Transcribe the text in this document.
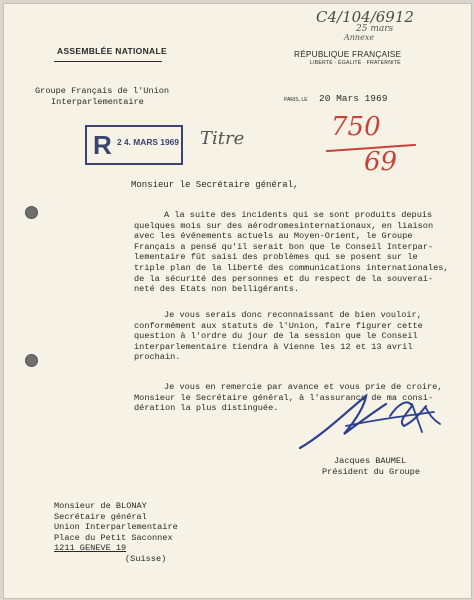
C4/104/6912
25 mars
Annexe
ASSEMBLÉE NATIONALE	RÉPUBLIQUE FRANÇAISE
LIBERTÉ · ÉGALITÉ · FRATERNITÉ
Groupe Français de l'Union
Interparlementaire	PARIS, LE 20 Mars 1969
R 2 4. MARS 1969 Titre	750
69
Monsieur le Secrétaire général,
A la suite des incidents qui se sont produits depuis
quelques mois sur des aérodromesinternationaux, en liaison
avec les événements actuels au Moyen-Orient, le Groupe
Français a pensé qu'il serait bon que le Conseil Interpar-
lementaire fût saisi des problèmes qui se posent sur le
triple plan de la liberté des communications internationales,
de la sécurité des personnes et du respect de la souveraí-
neté des Etats non belligérants.
Je vous serais donc reconnaissant de bien vouloir,
conformément aux statuts de l'Union, faire figurer cette
question à l'ordre du jour de la session que le Conseil
interparlementaire tiendra à Vienne les 12 et 13 avril
prochain.
Je vous en remercie par avance et vous prie de croire,
Monsieur le Secrétaire général, à l'assurance de ma consi-
dération la plus distinguée.
Jacques BAUMEL
Président du Groupe
Monsieur de BLONAY
Secrétaire général
Union Interparlementaire
Place du Petit Saconnex
1211 GENEVE 19
(Suisse)
